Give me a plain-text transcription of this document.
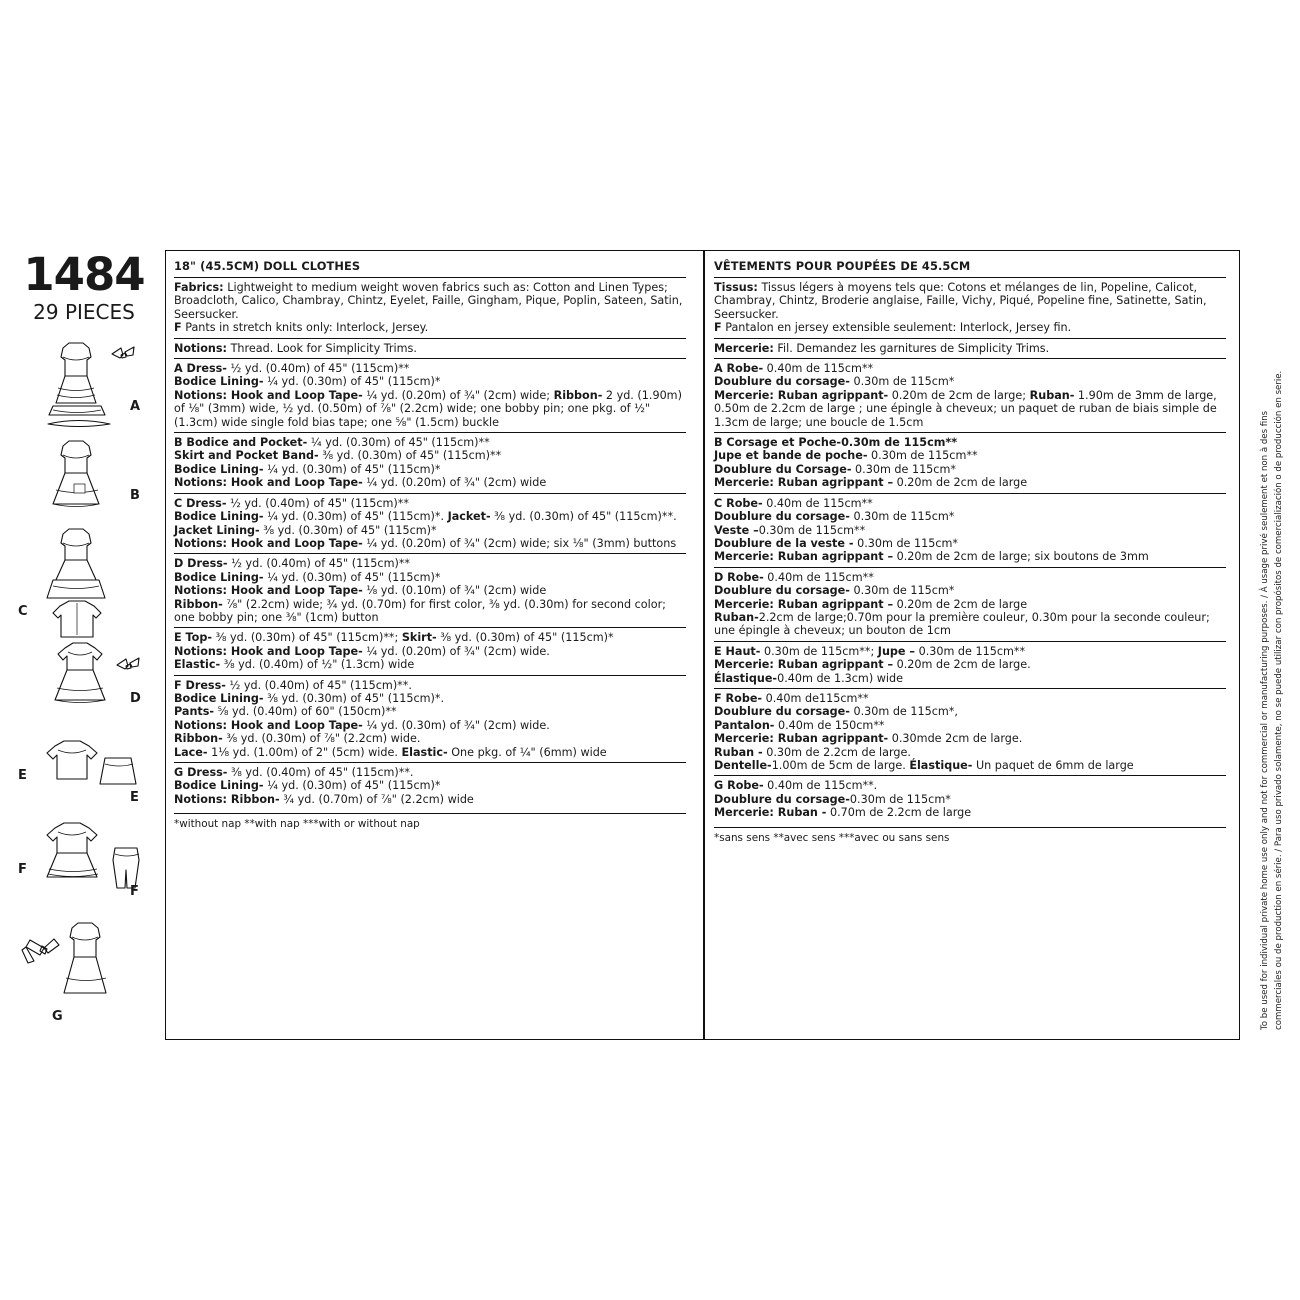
1484
29 PIECES
A
B
C
D
E
E
F
F
G
18" (45.5CM) DOLL CLOTHES
Fabrics: Lightweight to medium weight woven fabrics such as: Cotton and Linen Types; Broadcloth, Calico, Chambray, Chintz, Eyelet, Faille, Gingham, Pique, Poplin, Sateen, Satin, Seersucker.
F Pants in stretch knits only: Interlock, Jersey.
Notions: Thread. Look for Simplicity Trims.
A Dress- ½ yd. (0.40m) of 45" (115cm)**
Bodice Lining- ¼ yd. (0.30m) of 45" (115cm)*
Notions: Hook and Loop Tape- ¼ yd. (0.20m) of ¾" (2cm) wide; Ribbon- 2 yd. (1.90m) of ⅛" (3mm) wide, ½ yd. (0.50m) of ⅞" (2.2cm) wide; one bobby pin; one pkg. of ½" (1.3cm) wide single fold bias tape; one ⅝" (1.5cm) buckle
B Bodice and Pocket- ¼ yd. (0.30m) of 45" (115cm)**
Skirt and Pocket Band- ⅜ yd. (0.30m) of 45" (115cm)**
Bodice Lining- ¼ yd. (0.30m) of 45" (115cm)*
Notions: Hook and Loop Tape- ¼ yd. (0.20m) of ¾" (2cm) wide
C Dress- ½ yd. (0.40m) of 45" (115cm)**
Bodice Lining- ¼ yd. (0.30m) of 45" (115cm)*. Jacket- ⅜ yd. (0.30m) of 45" (115cm)**. Jacket Lining- ⅜ yd. (0.30m) of 45" (115cm)*
Notions: Hook and Loop Tape- ¼ yd. (0.20m) of ¾" (2cm) wide; six ⅛" (3mm) buttons
D Dress- ½ yd. (0.40m) of 45" (115cm)**
Bodice Lining- ¼ yd. (0.30m) of 45" (115cm)*
Notions: Hook and Loop Tape- ⅛ yd. (0.10m) of ¾" (2cm) wide
Ribbon- ⅞" (2.2cm) wide; ¾ yd. (0.70m) for first color, ⅜ yd. (0.30m) for second color; one bobby pin; one ⅜" (1cm) button
E Top- ⅜ yd. (0.30m) of 45" (115cm)**; Skirt- ⅜ yd. (0.30m) of 45" (115cm)*
Notions: Hook and Loop Tape- ¼ yd. (0.20m) of ¾" (2cm) wide.
Elastic- ⅜ yd. (0.40m) of ½" (1.3cm) wide
F Dress- ½ yd. (0.40m) of 45" (115cm)**.
Bodice Lining- ⅜ yd. (0.30m) of 45" (115cm)*.
Pants- ⅝ yd. (0.40m) of 60" (150cm)**
Notions: Hook and Loop Tape- ¼ yd. (0.30m) of ¾" (2cm) wide.
Ribbon- ⅜ yd. (0.30m) of ⅞" (2.2cm) wide.
Lace- 1⅛ yd. (1.00m) of 2" (5cm) wide. Elastic- One pkg. of ¼" (6mm) wide
G Dress- ⅜ yd. (0.40m) of 45" (115cm)**.
Bodice Lining- ¼ yd. (0.30m) of 45" (115cm)*
Notions: Ribbon- ¾ yd. (0.70m) of ⅞" (2.2cm) wide
*without nap **with nap ***with or without nap
VÊTEMENTS POUR POUPÉES DE 45.5CM
Tissus: Tissus légers à moyens tels que: Cotons et mélanges de lin, Popeline, Calicot, Chambray, Chintz, Broderie anglaise, Faille, Vichy, Piqué, Popeline fine, Satinette, Satin, Seersucker.
F Pantalon en jersey extensible seulement: Interlock, Jersey fin.
Mercerie: Fil. Demandez les garnitures de Simplicity Trims.
A Robe- 0.40m de 115cm**
Doublure du corsage- 0.30m de 115cm*
Mercerie: Ruban agrippant- 0.20m de 2cm de large; Ruban- 1.90m de 3mm de large, 0.50m de 2.2cm de large ; une épingle à cheveux; un paquet de ruban de biais simple de 1.3cm de large; une boucle de 1.5cm
B Corsage et Poche-0.30m de 115cm**
Jupe et bande de poche- 0.30m de 115cm**
Doublure du Corsage- 0.30m de 115cm*
Mercerie: Ruban agrippant – 0.20m de 2cm de large
C Robe- 0.40m de 115cm**
Doublure du corsage- 0.30m de 115cm*
Veste –0.30m de 115cm**
Doublure de la veste - 0.30m de 115cm*
Mercerie: Ruban agrippant – 0.20m de 2cm de large; six boutons de 3mm
D Robe- 0.40m de 115cm**
Doublure du corsage- 0.30m de 115cm*
Mercerie: Ruban agrippant – 0.20m de 2cm de large
Ruban-2.2cm de large;0.70m pour la première couleur, 0.30m pour la seconde couleur; une épingle à cheveux; un bouton de 1cm
E Haut- 0.30m de 115cm**; Jupe – 0.30m de 115cm**
Mercerie: Ruban agrippant – 0.20m de 2cm de large.
Élastique-0.40m de 1.3cm) wide
F Robe- 0.40m de115cm**
Doublure du corsage- 0.30m de 115cm*,
Pantalon- 0.40m de 150cm**
Mercerie: Ruban agrippant- 0.30mde 2cm de large.
Ruban - 0.30m de 2.2cm de large.
Dentelle-1.00m de 5cm de large. Élastique- Un paquet de 6mm de large
G Robe- 0.40m de 115cm**.
Doublure du corsage-0.30m de 115cm*
Mercerie: Ruban - 0.70m de 2.2cm de large
*sans sens **avec sens ***avec ou sans sens	To be used for individual private home use only and not for commercial or manufacturing purposes. / À usage privé seulement et non à des fins commerciales ou de production en série. / Para uso privado solamente, no se puede utilizar con propósitos de comercialización o de producción en serie.
